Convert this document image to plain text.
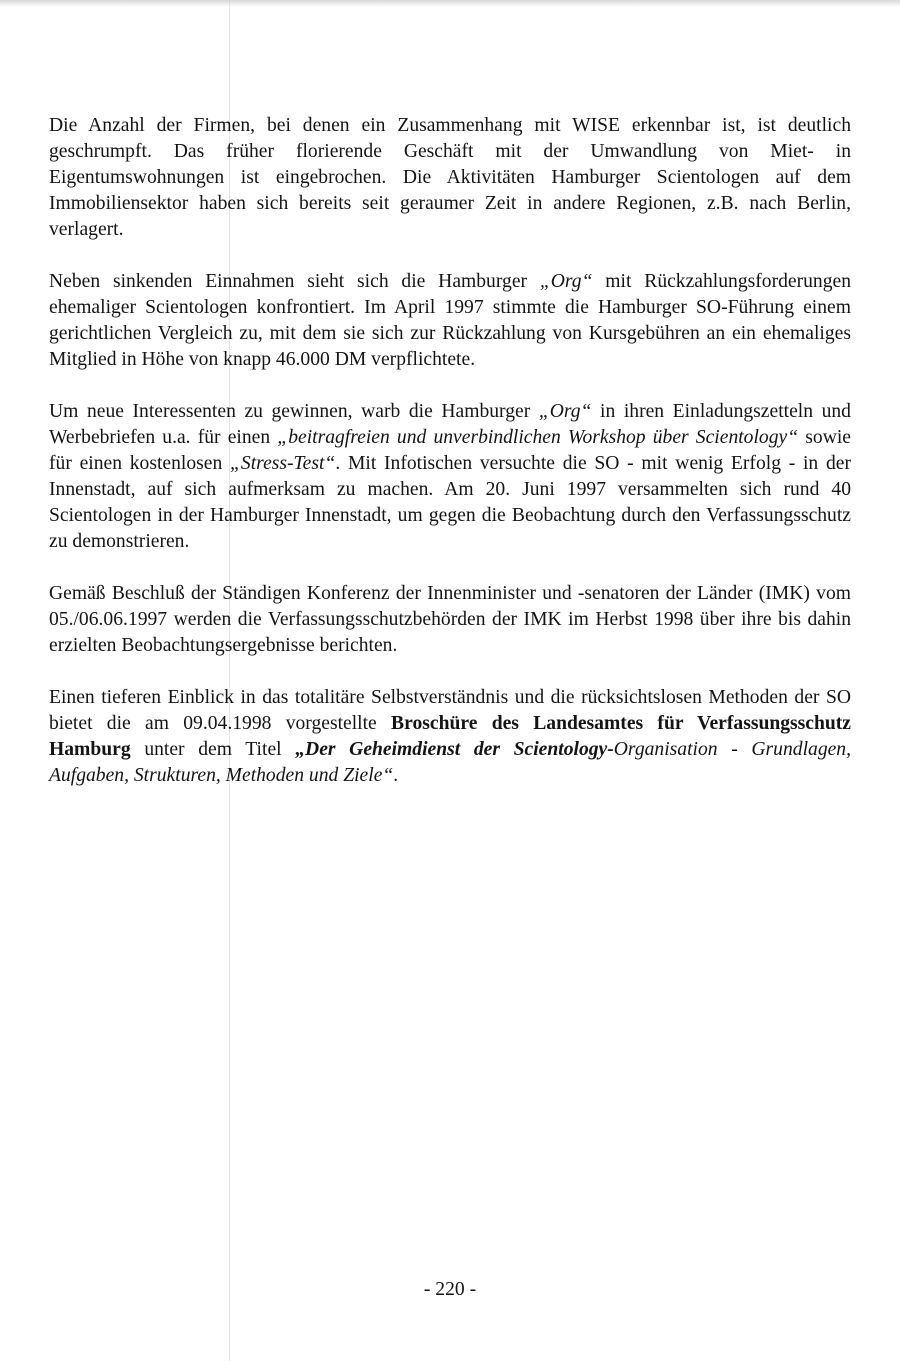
Die Anzahl der Firmen, bei denen ein Zusammenhang mit WISE erkennbar ist, ist deutlich geschrumpft. Das früher florierende Geschäft mit der Umwandlung von Miet- in Eigentumswohnungen ist eingebrochen. Die Aktivitäten Hamburger Scientologen auf dem Immobiliensektor haben sich bereits seit geraumer Zeit in andere Regionen, z.B. nach Berlin, verlagert.

Neben sinkenden Einnahmen sieht sich die Hamburger „Org“ mit Rückzahlungsforderungen ehemaliger Scientologen konfrontiert. Im April 1997 stimmte die Hamburger SO-Führung einem gerichtlichen Vergleich zu, mit dem sie sich zur Rückzahlung von Kursgebühren an ein ehemaliges Mitglied in Höhe von knapp 46.000 DM verpflichtete.

Um neue Interessenten zu gewinnen, warb die Hamburger „Org“ in ihren Einladungszetteln und Werbebriefen u.a. für einen „beitragfreien und unverbindlichen Workshop über Scientology“ sowie für einen kostenlosen „Stress-Test“. Mit Infotischen versuchte die SO - mit wenig Erfolg - in der Innenstadt, auf sich aufmerksam zu machen. Am 20. Juni 1997 versammelten sich rund 40 Scientologen in der Hamburger Innenstadt, um gegen die Beobachtung durch den Verfassungsschutz zu demonstrieren.

Gemäß Beschluß der Ständigen Konferenz der Innenminister und -senatoren der Länder (IMK) vom 05./06.06.1997 werden die Verfassungsschutzbehörden der IMK im Herbst 1998 über ihre bis dahin erzielten Beobachtungsergebnisse berichten.

Einen tieferen Einblick in das totalitäre Selbstverständnis und die rücksichtslosen Methoden der SO bietet die am 09.04.1998 vorgestellte Broschüre des Landesamtes für Verfassungsschutz Hamburg unter dem Titel „Der Geheimdienst der Scientology-Organisation - Grundlagen, Aufgaben, Strukturen, Methoden und Ziele“.

- 220 -
